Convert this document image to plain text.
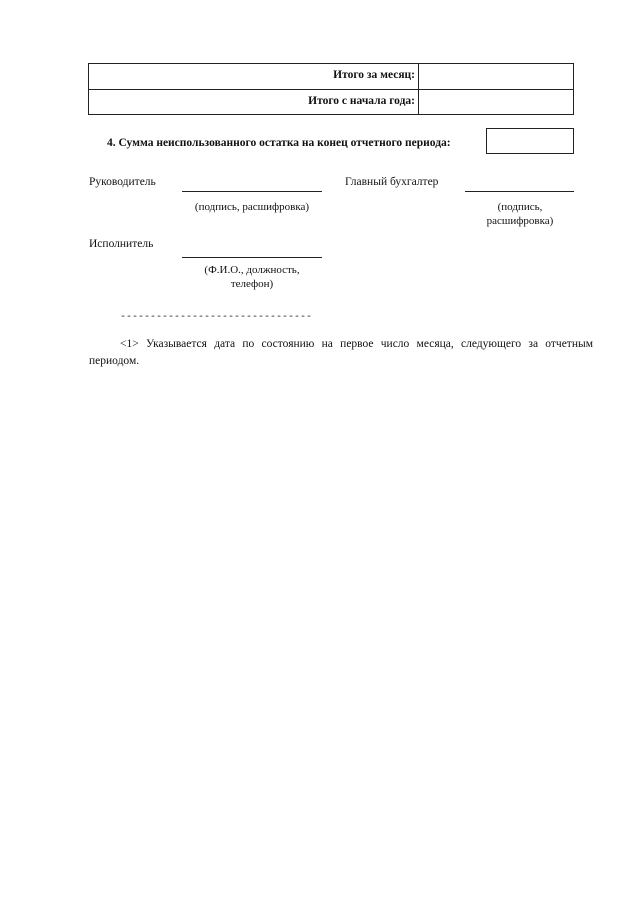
Итого за месяц:
Итого с начала года:
4. Сумма неиспользованного остатка на конец отчетного периода:
Руководитель
(подпись, расшифровка)
Главный бухгалтер
(подпись,
расшифровка)
Исполнитель
(Ф.И.О., должность,
телефон)
--------------------------------
<1> Указывается дата по состоянию на первое число месяца, следующего за отчетным периодом.
